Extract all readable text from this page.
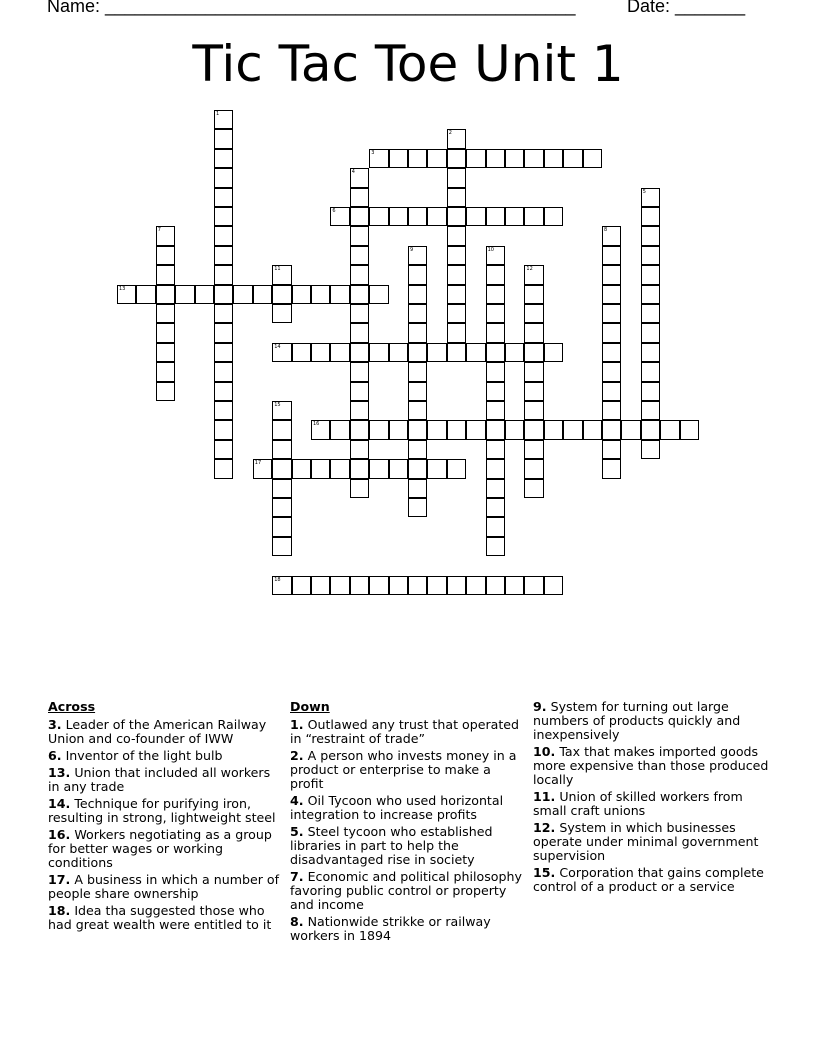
Name: _______________________________________________	Date: _______
Tic Tac Toe Unit 1
1
2
3
4
5
6
7	8
9	10
11	12
13
14
15
16
17
18
Across
3. Leader of the American Railway Union and co-founder of IWW
6. Inventor of the light bulb
13. Union that included all workers in any trade
14. Technique for purifying iron, resulting in strong, lightweight steel
16. Workers negotiating as a group for better wages or working conditions
17. A business in which a number of people share ownership
18. Idea tha suggested those who had great wealth were entitled to it
Down
1. Outlawed any trust that operated in “restraint of trade”
2. A person who invests money in a product or enterprise to make a profit
4. Oil Tycoon who used horizontal integration to increase profits
5. Steel tycoon who established libraries in part to help the disadvantaged rise in society
7. Economic and political philosophy favoring public control or property and income
8. Nationwide strikke or railway workers in 1894
9. System for turning out large numbers of products quickly and inexpensively
10. Tax that makes imported goods more expensive than those produced locally
11. Union of skilled workers from small craft unions
12. System in which businesses operate under minimal government supervision
15. Corporation that gains complete control of a product or a service
